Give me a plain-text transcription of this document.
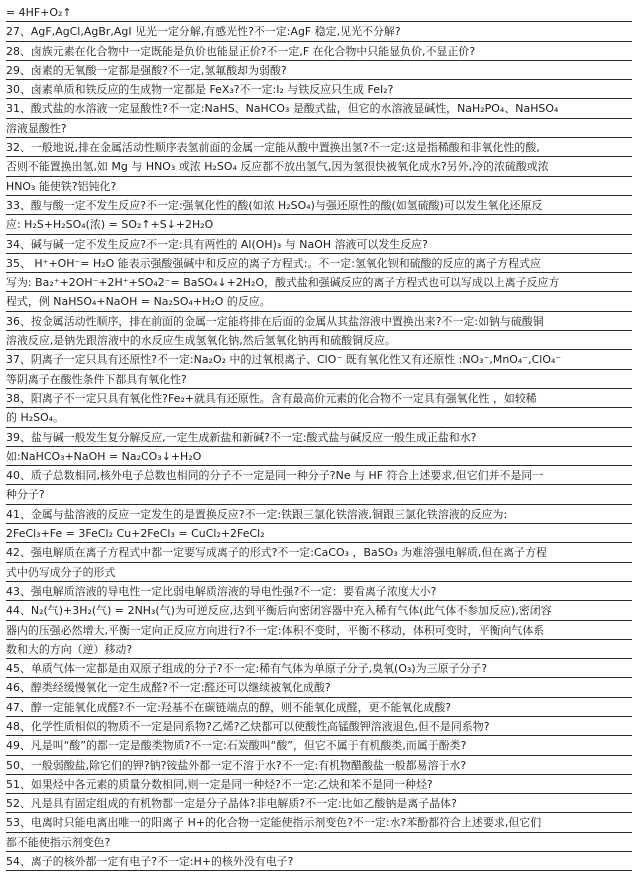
= 4HF+O₂↑
27、AgF,AgCl,AgBr,AgI 见光一定分解,有感光性?不一定:AgF 稳定,见光不分解?
28、卤族元素在化合物中一定既能是负价也能显正价?不一定,F 在化合物中只能显负价,不显正价?
29、卤素的无氧酸一定都是强酸?不一定,氢氟酸却为弱酸?
30、卤素单质和铁反应的生成物一定都是 FeX₃?不一定:I₂ 与铁反应只生成 FeI₂?
31、酸式盐的水溶液一定显酸性?不一定:NaHS、NaHCO₃ 是酸式盐，但它的水溶液显碱性，NaH₂PO₄、NaHSO₄
溶液显酸性?
32、一般地说,排在金属活动性顺序表氢前面的金属一定能从酸中置换出氢?不一定:这是指稀酸和非氧化性的酸,
否则不能置换出氢,如 Mg 与 HNO₃ 或浓 H₂SO₄ 反应都不放出氢气,因为氢很快被氧化成水?另外,冷的浓硫酸或浓
HNO₃ 能使铁?铝钝化?
33、酸与酸一定不发生反应?不一定:强氧化性的酸(如浓 H₂SO₄)与强还原性的酸(如氢硫酸)可以发生氧化还原反
应: H₂S+H₂SO₄(浓) = SO₂↑+S↓+2H₂O
34、碱与碱一定不发生反应?不一定:具有两性的 Al(OH)₃ 与 NaOH 溶液可以发生反应?
35、 H⁺+OH⁻= H₂O 能表示强酸强碱中和反应的离子方程式:。不一定:氢氧化钡和硫酸的反应的离子方程式应
写为: Ba₂⁺+2OH⁻+2H⁺+SO₄2⁻= BaSO₄↓+2H₂O，酸式盐和强碱反应的离子方程式也可以写成以上离子反应方
程式，例 NaHSO₄+NaOH = Na₂SO₄+H₂O 的反应。
36、按金属活动性顺序，排在前面的金属一定能将排在后面的金属从其盐溶液中置换出来?不一定:如钠与硫酸铜
溶液反应,是钠先跟溶液中的水反应生成氢氧化钠,然后氢氧化钠再和硫酸铜反应。
37、阴离子一定只具有还原性?不一定:Na₂O₂ 中的过氧根离子、ClO⁻ 既有氧化性又有还原性 :NO₃⁻,MnO₄⁻,ClO₄⁻
等阴离子在酸性条件下都具有氧化性?
38、阳离子不一定只具有氧化性?Fe₂+就具有还原性。含有最高价元素的化合物不一定具有强氧化性 ，如较稀
的 H₂SO₄。
39、盐与碱一般发生复分解反应,一定生成新盐和新碱?不一定:酸式盐与碱反应一般生成正盐和水?
如:NaHCO₃+NaOH = Na₂CO₃↓+H₂O
40、质子总数相同,核外电子总数也相同的分子不一定是同一种分子?Ne 与 HF 符合上述要求,但它们并不是同一
种分子?
41、金属与盐溶液的反应一定发生的是置换反应?不一定:铁跟三氯化铁溶液,铜跟三氯化铁溶液的反应为:
2FeCl₃+Fe = 3FeCl₂ Cu+2FeCl₃ = CuCl₂+2FeCl₂
42、强电解质在离子方程式中都一定要写成离子的形式?不一定:CaCO₃ ，BaSO₃ 为难溶强电解质,但在离子方程
式中仍写成分子的形式
43、强电解质溶液的导电性一定比弱电解质溶液的导电性强?不一定：要看离子浓度大小?
44、N₂(气)+3H₂(气) = 2NH₃(气)为可逆反应,达到平衡后向密闭容器中充入稀有气体(此气体不参加反应),密闭容
器内的压强必然增大,平衡一定向正反应方向进行?不一定:体积不变时，平衡不移动，体积可变时，平衡向气体系
数和大的方向（逆）移动?
45、单质气体一定都是由双原子组成的分子?不一定:稀有气体为单原子分子,臭氧(O₃)为三原子分子?
46、醇类经缓慢氧化一定生成醛?不一定:醛还可以继续被氧化成酸?
47、醇一定能氧化成醛?不一定:羟基不在碳链端点的醇，则不能氧化成醛，更不能氧化成酸?
48、化学性质相似的物质不一定是同系物?乙烯?乙炔都可以使酸性高锰酸钾溶液退色,但不是同系物?
49、凡是叫“酸”的都一定是酸类物质?不一定:石炭酸叫“酸”，但它不属于有机酸类,而属于酚类?
50、一般弱酸盐,除它们的钾?钠?铵盐外都一定不溶于水?不一定:有机物醋酸盐一般都易溶于水?
51、如果烃中各元素的质量分数相同,则一定是同一种烃?不一定:乙炔和苯不是同一种烃?
52、凡是具有固定组成的有机物都一定是分子晶体?非电解质?不一定:比如乙酸钠是离子晶体?
53、电离时只能电离出唯一的阳离子 H+的化合物一定能使指示剂变色?不一定:水?苯酚都符合上述要求,但它们
都不能使指示剂变色?
54、离子的核外都一定有电子?不一定:H+的核外没有电子?
